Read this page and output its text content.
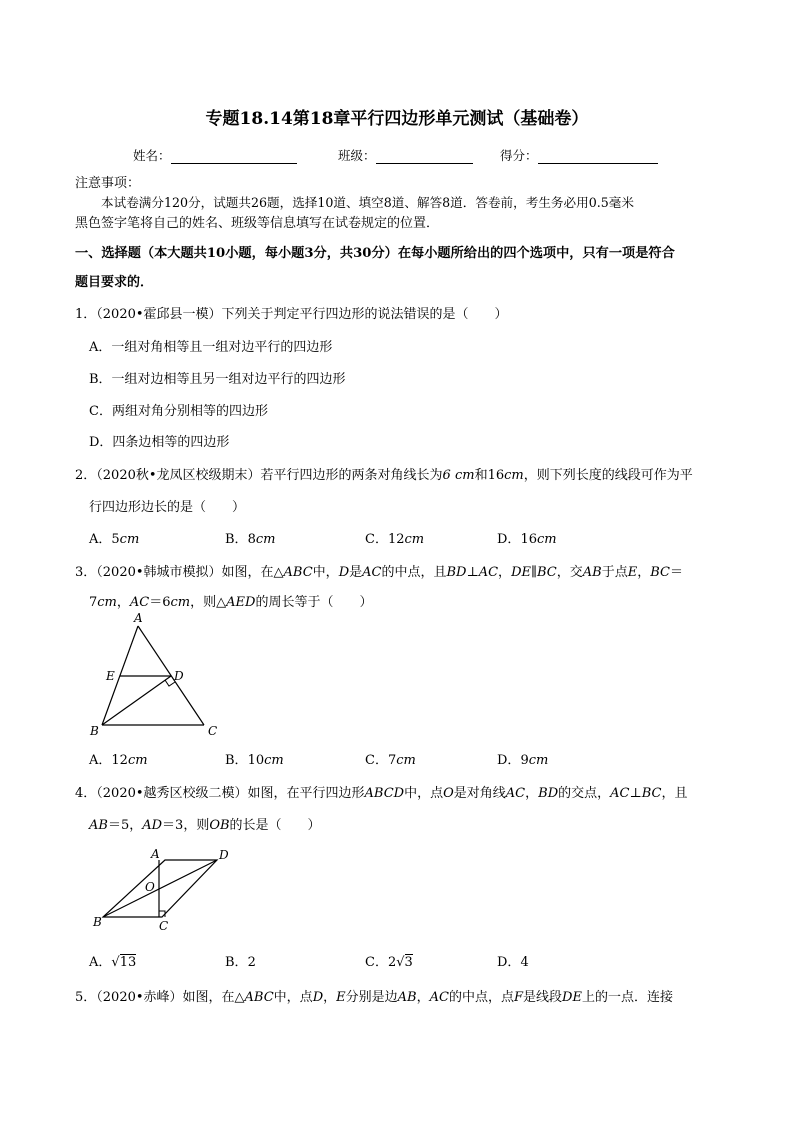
专题18.14第18章平行四边形单元测试（基础卷）
姓名：	班级：	得分：
注意事项：
本试卷满分120分，试题共26题，选择10道、填空8道、解答8道．答卷前，考生务必用0.5毫米
黑色签字笔将自己的姓名、班级等信息填写在试卷规定的位置．
一、选择题（本大题共10小题，每小题3分，共30分）在每小题所给出的四个选项中，只有一项是符合
题目要求的．
1．（2020•霍邱县一模）下列关于判定平行四边形的说法错误的是（　　）
A．一组对角相等且一组对边平行的四边形
B．一组对边相等且另一组对边平行的四边形
C．两组对角分别相等的四边形
D．四条边相等的四边形
2．（2020秋•龙凤区校级期末）若平行四边形的两条对角线长为6 cm和16cm，则下列长度的线段可作为平
行四边形边长的是（　　）
A．5cm	B．8cm	C．12cm	D．16cm
3．（2020•韩城市模拟）如图，在△ABC中，D是AC的中点，且BD⊥AC，DE∥BC，交AB于点E，BC＝
7cm，AC＝6cm，则△AED的周长等于（　　）
A
E	D
B	C
A．12cm	B．10cm	C．7cm	D．9cm
4．（2020•越秀区校级二模）如图，在平行四边形ABCD中，点O是对角线AC，BD的交点，AC⊥BC，且
AB＝5，AD＝3，则OB的长是（　　）
A	D
O
B	C
A．√13	B．2	C．2√3	D．4
5．（2020•赤峰）如图，在△ABC中，点D，E分别是边AB，AC的中点，点F是线段DE上的一点．连接
